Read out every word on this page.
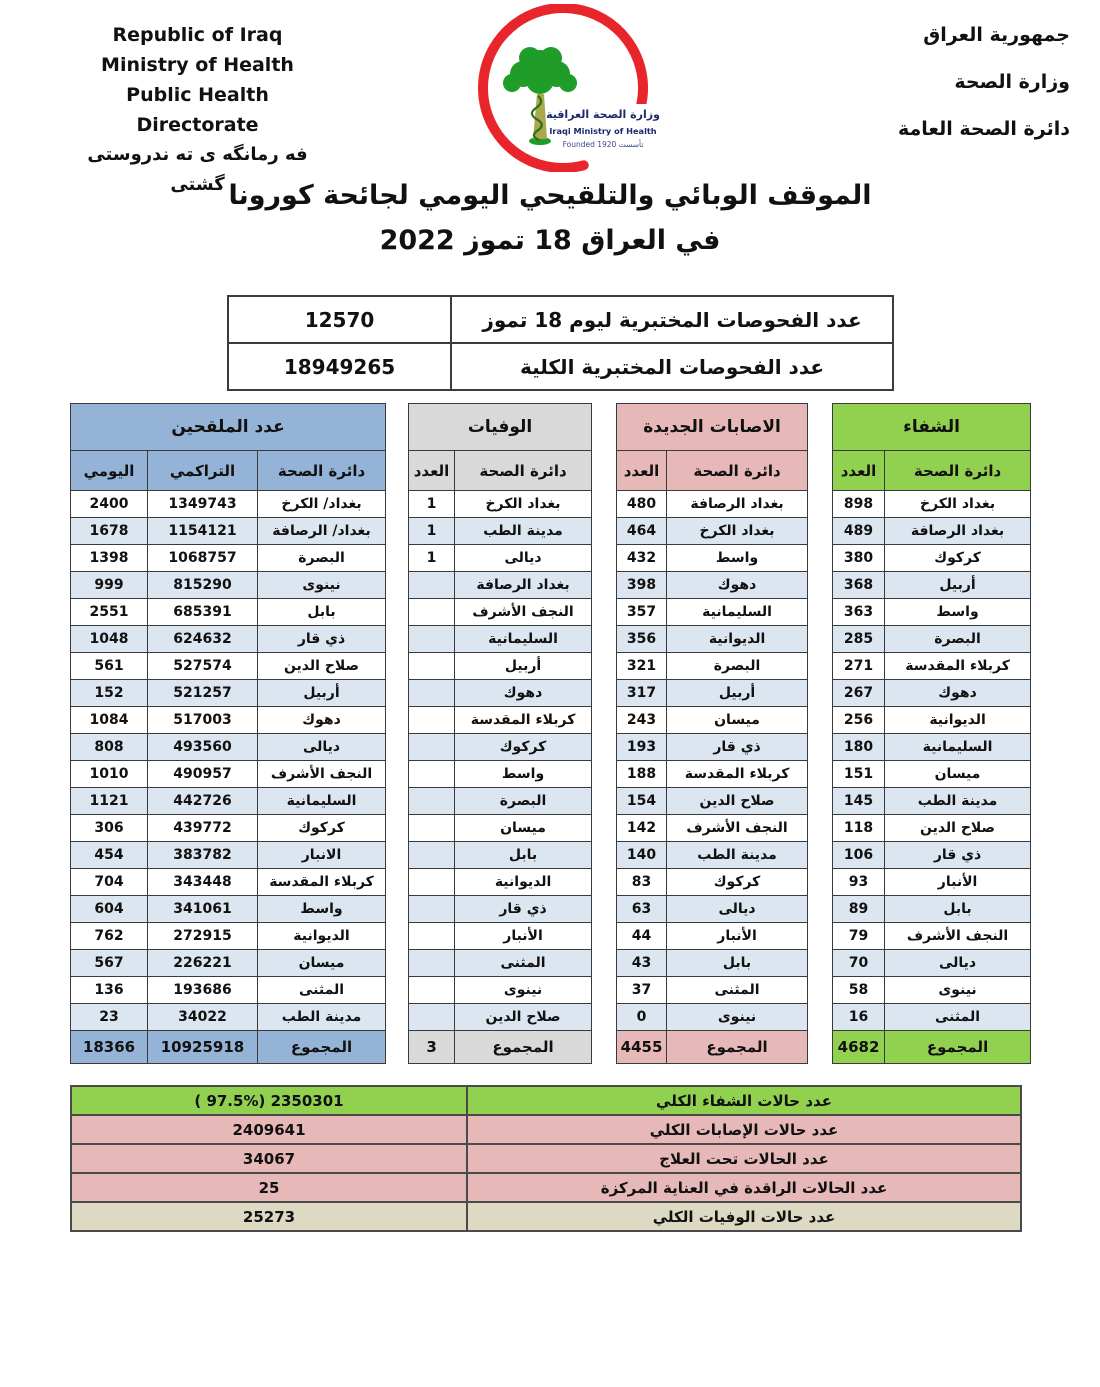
Republic of Iraq
Ministry of Health
Public Health Directorate
فه رمانگه ى ته ندروستى گشتى
وزارة الصحة العراقية
Iraqi Ministry of Health
Founded 1920 تأسست
جمهورية العراق
وزارة الصحة
دائرة الصحة العامة
الموقف الوبائي والتلقيحي اليومي لجائحة كورونا
في العراق 18 تموز 2022
12570	عدد الفحوصات المختبرية ليوم 18 تموز
18949265	عدد الفحوصات المختبرية الكلية
عدد الملقحين				الوفيات			الاصابات الجديدة			الشفاء	
اليومي	التراكمي	دائرة الصحة		العدد	دائرة الصحة		العدد	دائرة الصحة		العدد	دائرة الصحة
2400	1349743	بغداد/ الكرخ		1	بغداد الكرخ		480	بغداد الرصافة		898	بغداد الكرخ
1678	1154121	بغداد/ الرصافة		1	مدينة الطب		464	بغداد الكرخ		489	بغداد الرصافة
1398	1068757	البصرة		1	ديالى		432	واسط		380	كركوك
999	815290	نينوى			بغداد الرصافة		398	دهوك		368	أربيل
2551	685391	بابل			النجف الأشرف		357	السليمانية		363	واسط
1048	624632	ذي قار			السليمانية		356	الديوانية		285	البصرة
561	527574	صلاح الدين			أربيل		321	البصرة		271	كربلاء المقدسة
152	521257	أربيل			دهوك		317	أربيل		267	دهوك
1084	517003	دهوك			كربلاء المقدسة		243	ميسان		256	الديوانية
808	493560	ديالى			كركوك		193	ذي قار		180	السليمانية
1010	490957	النجف الأشرف			واسط		188	كربلاء المقدسة		151	ميسان
1121	442726	السليمانية			البصرة		154	صلاح الدين		145	مدينة الطب
306	439772	كركوك			ميسان		142	النجف الأشرف		118	صلاح الدين
454	383782	الانبار			بابل		140	مدينة الطب		106	ذي قار
704	343448	كربلاء المقدسة			الديوانية		83	كركوك		93	الأنبار
604	341061	واسط			ذي قار		63	ديالى		89	بابل
762	272915	الديوانية			الأنبار		44	الأنبار		79	النجف الأشرف
567	226221	ميسان			المثنى		43	بابل		70	ديالى
136	193686	المثنى			نينوى		37	المثنى		58	نينوى
23	34022	مدينة الطب			صلاح الدين		0	نينوى		16	المثنى
18366	10925918	المجموع		3	المجموع		4455	المجموع		4682	المجموع
2350301 (97.5% )	عدد حالات الشفاء الكلي
2409641	عدد حالات الإصابات الكلي
34067	عدد الحالات تحت العلاج
25	عدد الحالات الراقدة في العناية المركزة
25273	عدد حالات الوفيات الكلي
